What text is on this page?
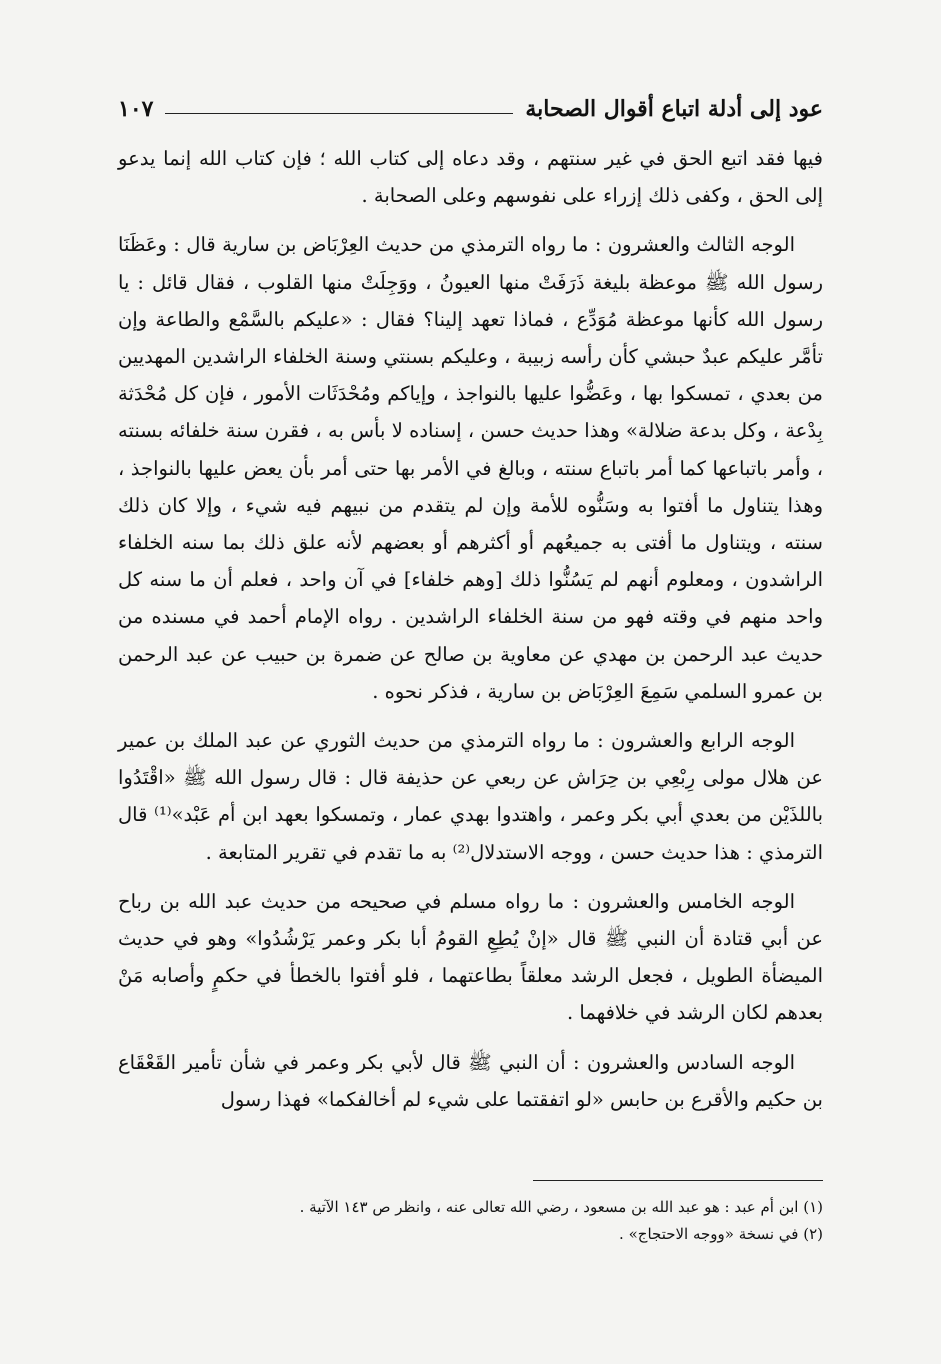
عود إلى أدلة اتباع أقوال الصحابة
١٠٧

فيها فقد اتبع الحق في غير سنتهم ، وقد دعاه إلى كتاب الله ؛ فإن كتاب الله إنما يدعو إلى الحق ، وكفى ذلك إزراء على نفوسهم وعلى الصحابة .

الوجه الثالث والعشرون : ما رواه الترمذي من حديث العِرْبَاض بن سارية قال : وعَظَنَا رسول الله ﷺ موعظة بليغة ذَرَفَتْ منها العيونُ ، ووَجِلَتْ منها القلوب ، فقال قائل : يا رسول الله كأنها موعظة مُوَدِّع ، فماذا تعهد إلينا؟ فقال : «عليكم بالسَّمْع والطاعة وإن تأمَّر عليكم عبدٌ حبشي كأن رأسه زبيبة ، وعليكم بسنتي وسنة الخلفاء الراشدين المهديين من بعدي ، تمسكوا بها ، وعَضُّوا عليها بالنواجذ ، وإياكم ومُحْدَثَات الأمور ، فإن كل مُحْدَثة بِدْعة ، وكل بدعة ضلالة» وهذا حديث حسن ، إسناده لا بأس به ، فقرن سنة خلفائه بسنته ، وأمر باتباعها كما أمر باتباع سنته ، وبالغ في الأمر بها حتى أمر بأن يعض عليها بالنواجذ ، وهذا يتناول ما أفتوا به وسَنُّوه للأمة وإن لم يتقدم من نبيهم فيه شيء ، وإلا كان ذلك سنته ، ويتناول ما أفتى به جميعُهم أو أكثرهم أو بعضهم لأنه علق ذلك بما سنه الخلفاء الراشدون ، ومعلوم أنهم لم يَسُنُّوا ذلك [وهم خلفاء] في آن واحد ، فعلم أن ما سنه كل واحد منهم في وقته فهو من سنة الخلفاء الراشدين . رواه الإمام أحمد في مسنده من حديث عبد الرحمن بن مهدي عن معاوية بن صالح عن ضمرة بن حبيب عن عبد الرحمن بن عمرو السلمي سَمِعَ العِرْبَاض بن سارية ، فذكر نحوه .

الوجه الرابع والعشرون : ما رواه الترمذي من حديث الثوري عن عبد الملك بن عمير عن هلال مولى رِبْعِي بن حِرَاش عن ربعي عن حذيفة قال : قال رسول الله ﷺ «اقْتَدُوا باللذَيْن من بعدي أبي بكر وعمر ، واهتدوا بهدي عمار ، وتمسكوا بعهد ابن أم عَبْد»⁽¹⁾ قال الترمذي : هذا حديث حسن ، ووجه الاستدلال⁽²⁾ به ما تقدم في تقرير المتابعة .

الوجه الخامس والعشرون : ما رواه مسلم في صحيحه من حديث عبد الله بن رباح عن أبي قتادة أن النبي ﷺ قال «إنْ يُطِعِ القومُ أبا بكر وعمر يَرْشُدُوا» وهو في حديث الميضأة الطويل ، فجعل الرشد معلقاً بطاعتهما ، فلو أفتوا بالخطأ في حكمٍ وأصابه مَنْ بعدهم لكان الرشد في خلافهما .

الوجه السادس والعشرون : أن النبي ﷺ قال لأبي بكر وعمر في شأن تأمير القَعْقَاع بن حكيم والأقرع بن حابس «لو اتفقتما على شيء لم أخالفكما» فهذا رسول

(١) ابن أم عبد : هو عبد الله بن مسعود ، رضي الله تعالى عنه ، وانظر ص ١٤٣ الآتية .

(٢) في نسخة «ووجه الاحتجاج» .
